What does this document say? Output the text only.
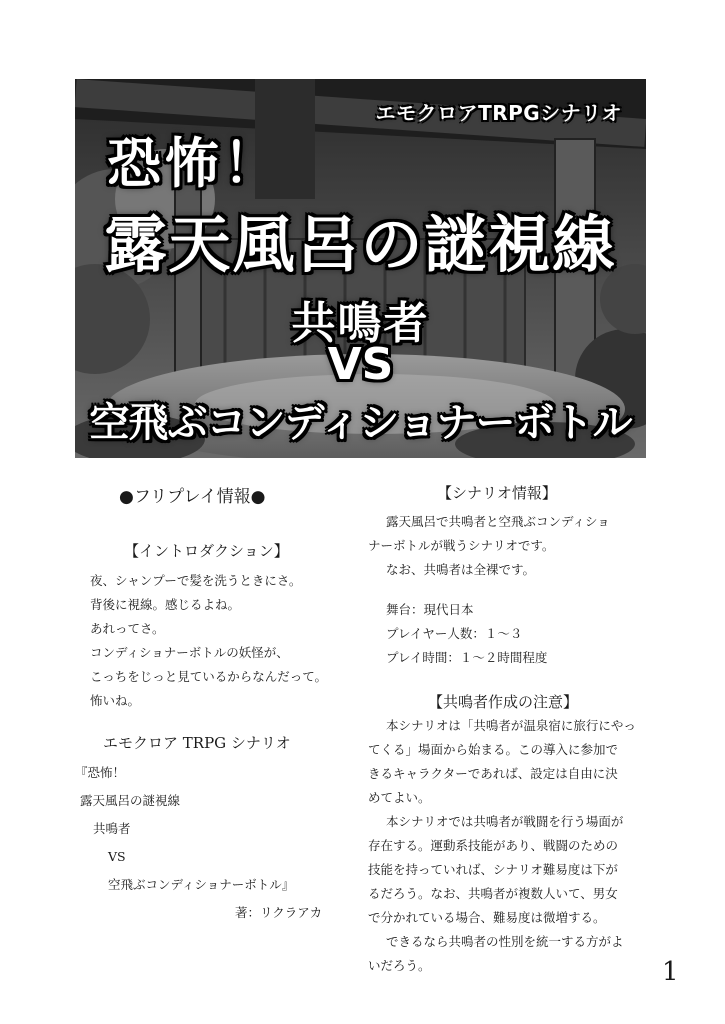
エモクロアTRPGシナリオ
恐怖！
露天風呂の謎視線
共鳴者
VS
空飛ぶコンディショナーボトル
●フリプレイ情報●
【イントロダクション】
夜、シャンプーで髪を洗うときにさ。
背後に視線。感じるよね。
あれってさ。
コンディショナーボトルの妖怪が、
こっちをじっと見ているからなんだって。
怖いね。
エモクロア TRPG シナリオ
『恐怖！
露天風呂の謎視線
共鳴者
VS
空飛ぶコンディショナーボトル』
著：リクラアカ
【シナリオ情報】
露天風呂で共鳴者と空飛ぶコンディショ
ナーボトルが戦うシナリオです。
なお、共鳴者は全裸です。
舞台：現代日本
プレイヤー人数：１～３
プレイ時間：１～２時間程度
【共鳴者作成の注意】
本シナリオは「共鳴者が温泉宿に旅行にやっ
てくる」場面から始まる。この導入に参加で
きるキャラクターであれば、設定は自由に決
めてよい。
本シナリオでは共鳴者が戦闘を行う場面が
存在する。運動系技能があり、戦闘のための
技能を持っていれば、シナリオ難易度は下が
るだろう。なお、共鳴者が複数人いて、男女
で分かれている場合、難易度は微増する。
できるなら共鳴者の性別を統一する方がよ
いだろう。	1
